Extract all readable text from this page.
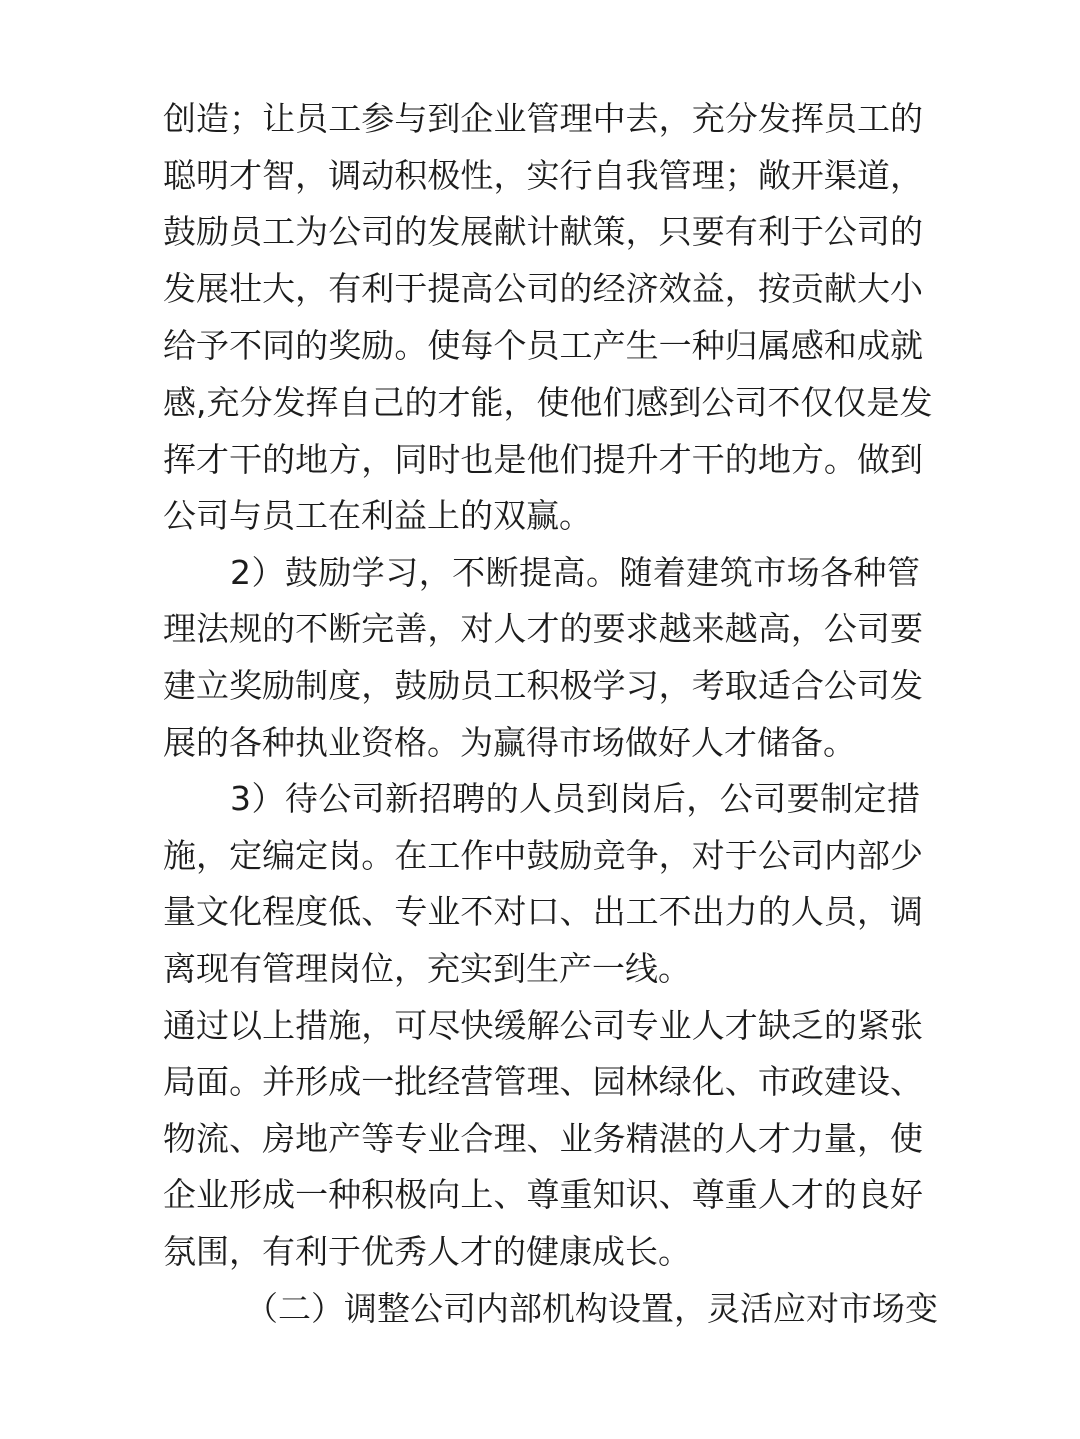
创造；让员工参与到企业管理中去，充分发挥员工的
聪明才智，调动积极性，实行自我管理；敞开渠道，
鼓励员工为公司的发展献计献策，只要有利于公司的
发展壮大，有利于提高公司的经济效益，按贡献大小
给予不同的奖励。使每个员工产生一种归属感和成就
感,充分发挥自己的才能，使他们感到公司不仅仅是发
挥才干的地方，同时也是他们提升才干的地方。做到
公司与员工在利益上的双赢。
2）鼓励学习，不断提高。随着建筑市场各种管
理法规的不断完善，对人才的要求越来越高，公司要
建立奖励制度，鼓励员工积极学习，考取适合公司发
展的各种执业资格。为赢得市场做好人才储备。
3）待公司新招聘的人员到岗后，公司要制定措
施，定编定岗。在工作中鼓励竞争，对于公司内部少
量文化程度低、专业不对口、出工不出力的人员，调
离现有管理岗位，充实到生产一线。
通过以上措施，可尽快缓解公司专业人才缺乏的紧张
局面。并形成一批经营管理、园林绿化、市政建设、
物流、房地产等专业合理、业务精湛的人才力量，使
企业形成一种积极向上、尊重知识、尊重人才的良好
氛围，有利于优秀人才的健康成长。
（二）调整公司内部机构设置，灵活应对市场变
